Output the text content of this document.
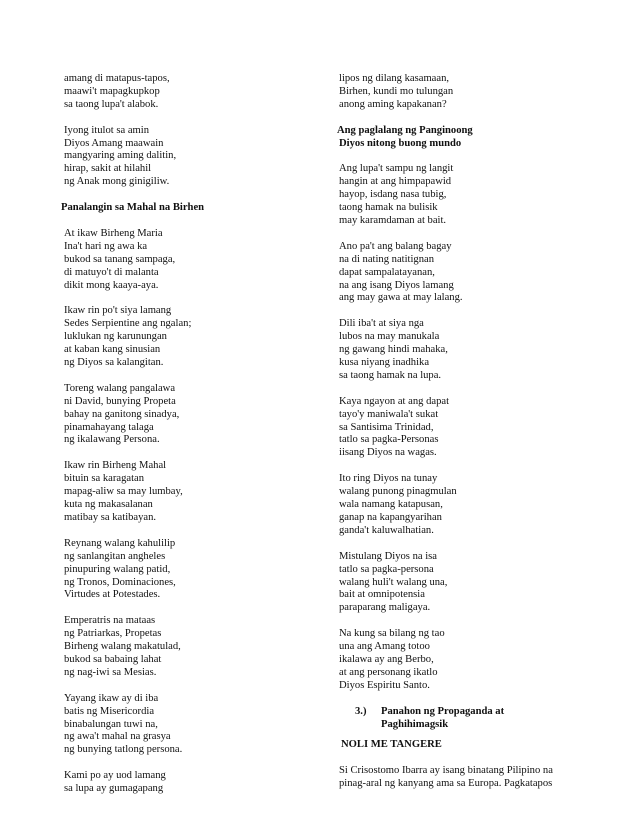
amang di matapus-tapos,
maawi't mapagkupkop
sa taong lupa't alabok.
Iyong itulot sa amin
Diyos Amang maawain
mangyaring aming dalitin,
hirap, sakit at hilahil
ng Anak mong ginigiliw.
Panalangin sa Mahal na Birhen
At ikaw Birheng Maria
Ina't hari ng awa ka
bukod sa tanang sampaga,
di matuyo't di malanta
dikit mong kaaya-aya.
Ikaw rin po't siya lamang
Sedes Serpientine ang ngalan;
luklukan ng karunungan
at kaban kang sinusian
ng Diyos sa kalangitan.
Toreng walang pangalawa
ni David, bunying Propeta
bahay na ganitong sinadya,
pinamahayang talaga
ng ikalawang Persona.
Ikaw rin Birheng Mahal
bituin sa karagatan
mapag-aliw sa may lumbay,
kuta ng makasalanan
matibay sa katibayan.
Reynang walang kahulilip
ng sanlangitan angheles
pinupuring walang patid,
ng Tronos, Dominaciones,
Virtudes at Potestades.
Emperatris na mataas
ng Patriarkas, Propetas
Birheng walang makatulad,
bukod sa babaing lahat
ng nag-iwi sa Mesias.
Yayang ikaw ay di iba
batis ng Misericordia
binabalungan tuwi na,
ng awa't mahal na grasya
ng bunying tatlong persona.
Kami po ay uod lamang
sa lupa ay gumagapang
lipos ng dilang kasamaan,
Birhen, kundi mo tulungan
anong aming kapakanan?
Ang paglalang ng Panginoong
Diyos nitong buong mundo
Ang lupa't sampu ng langit
hangin at ang himpapawid
hayop, isdang nasa tubig,
taong hamak na bulisik
may karamdaman at bait.
Ano pa't ang balang bagay
na di nating natitignan
dapat sampalatayanan,
na ang isang Diyos lamang
ang may gawa at may lalang.
Dili iba't at siya nga
lubos na may manukala
ng gawang hindi mahaka,
kusa niyang inadhika
sa taong hamak na lupa.
Kaya ngayon at ang dapat
tayo'y maniwala't sukat
sa Santisima Trinidad,
tatlo sa pagka-Personas
iisang Diyos na wagas.
Ito ring Diyos na tunay
walang punong pinagmulan
wala namang katapusan,
ganap na kapangyarihan
ganda't kaluwalhatian.
Mistulang Diyos na isa
tatlo sa pagka-persona
walang huli't walang una,
bait at omnipotensia
paraparang maligaya.
Na kung sa bilang ng tao
una ang Amang totoo
ikalawa ay ang Berbo,
at ang personang ikatlo
Diyos Espiritu Santo.
3.) Panahon ng Propaganda at
Paghihimagsik
NOLI ME TANGERE
Si Crisostomo Ibarra ay isang binatang Pilipino na
pinag-aral ng kanyang ama sa Europa. Pagkatapos
